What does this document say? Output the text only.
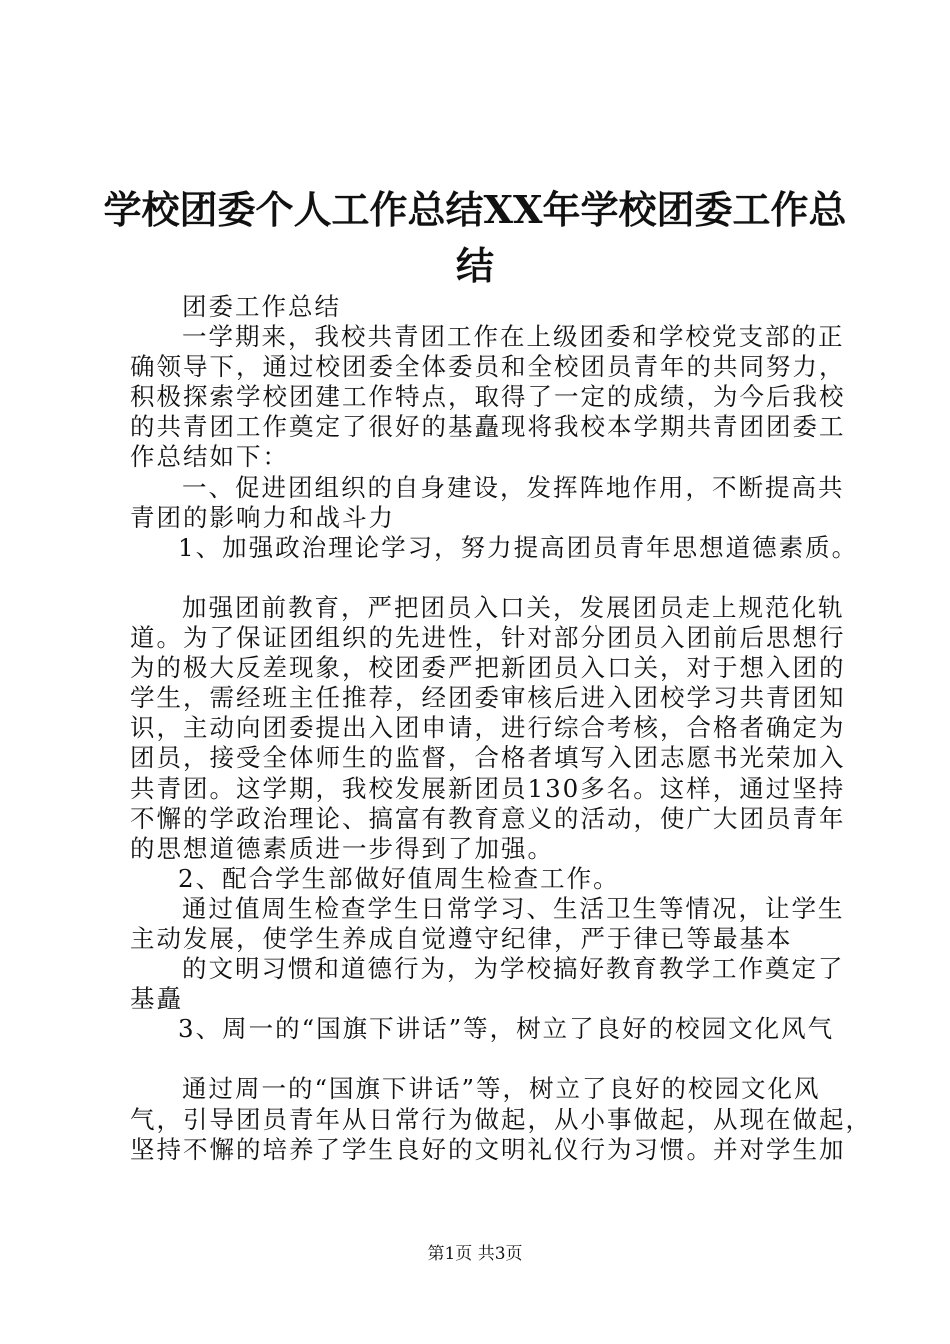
学校团委个人工作总结XX年学校团委工作总
结
团委工作总结
一学期来，我校共青团工作在上级团委和学校党支部的正
确领导下，通过校团委全体委员和全校团员青年的共同努力，
积极探索学校团建工作特点，取得了一定的成绩，为今后我校
的共青团工作奠定了很好的基矗现将我校本学期共青团团委工
作总结如下：
一、促进团组织的自身建设，发挥阵地作用，不断提高共
青团的影响力和战斗力
1、加强政治理论学习，努力提高团员青年思想道德素质。
加强团前教育，严把团员入口关，发展团员走上规范化轨
道。为了保证团组织的先进性，针对部分团员入团前后思想行
为的极大反差现象，校团委严把新团员入口关，对于想入团的
学生，需经班主任推荐，经团委审核后进入团校学习共青团知
识，主动向团委提出入团申请，进行综合考核，合格者确定为
团员，接受全体师生的监督，合格者填写入团志愿书光荣加入
共青团。这学期，我校发展新团员130多名。这样，通过坚持
不懈的学政治理论、搞富有教育意义的活动，使广大团员青年
的思想道德素质进一步得到了加强。
2、配合学生部做好值周生检查工作。
通过值周生检查学生日常学习、生活卫生等情况，让学生
主动发展，使学生养成自觉遵守纪律，严于律已等最基本
的文明习惯和道德行为，为学校搞好教育教学工作奠定了
基矗
3、周一的“国旗下讲话”等，树立了良好的校园文化风气
通过周一的“国旗下讲话”等，树立了良好的校园文化风
气，引导团员青年从日常行为做起，从小事做起，从现在做起，
坚持不懈的培养了学生良好的文明礼仪行为习惯。并对学生加
第1页 共3页
